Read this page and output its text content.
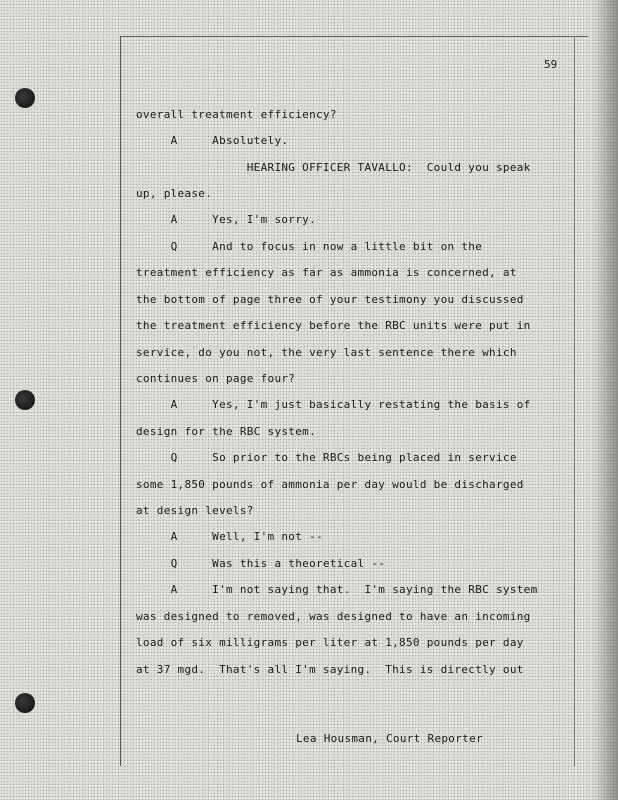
59
overall treatment efficiency?
A     Absolutely.
HEARING OFFICER TAVALLO:  Could you speak
up, please.
A     Yes, I'm sorry.
Q     And to focus in now a little bit on the
treatment efficiency as far as ammonia is concerned, at
the bottom of page three of your testimony you discussed
the treatment efficiency before the RBC units were put in
service, do you not, the very last sentence there which
continues on page four?
A     Yes, I'm just basically restating the basis of
design for the RBC system.
Q     So prior to the RBCs being placed in service
some 1,850 pounds of ammonia per day would be discharged
at design levels?
A     Well, I'm not --
Q     Was this a theoretical --
A     I'm not saying that.  I'm saying the RBC system
was designed to removed, was designed to have an incoming
load of six milligrams per liter at 1,850 pounds per day
at 37 mgd.  That's all I'm saying.  This is directly out
Lea Housman, Court Reporter
